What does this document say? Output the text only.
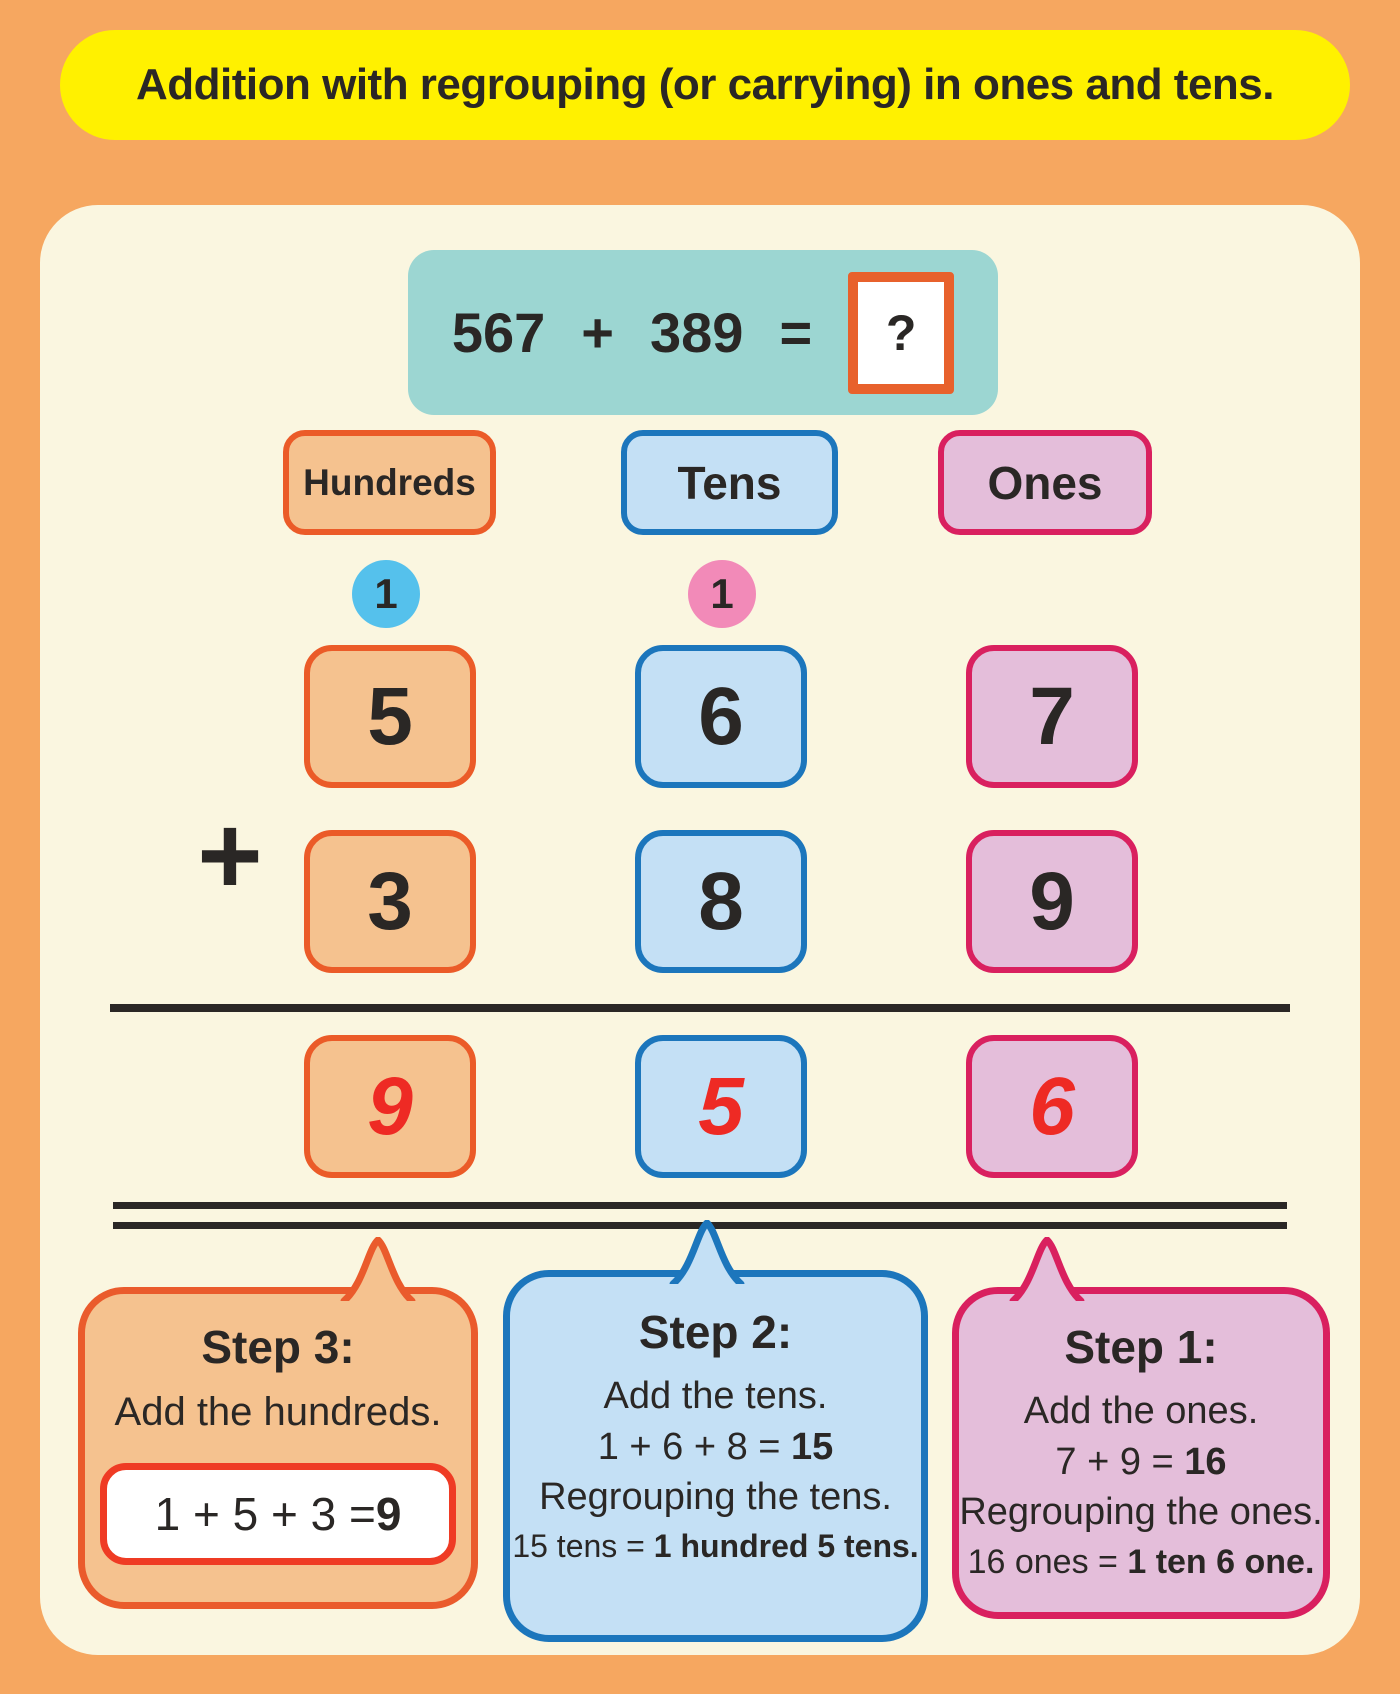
Addition with regrouping (or carrying) in ones and tens.
567 + 389 = ?
Hundreds	Tens	Ones
1	1
+
5	6	7
3	8	9
9	5	6
Step 3:
Add the hundreds.
1 + 5 + 3 = 9
Step 2:
Add the tens.
1 + 6 + 8 = 15
Regrouping the tens.
15 tens = 1 hundred 5 tens.
Step 1:
Add the ones.
7 + 9 = 16
Regrouping the ones.
16 ones = 1 ten 6 one.
